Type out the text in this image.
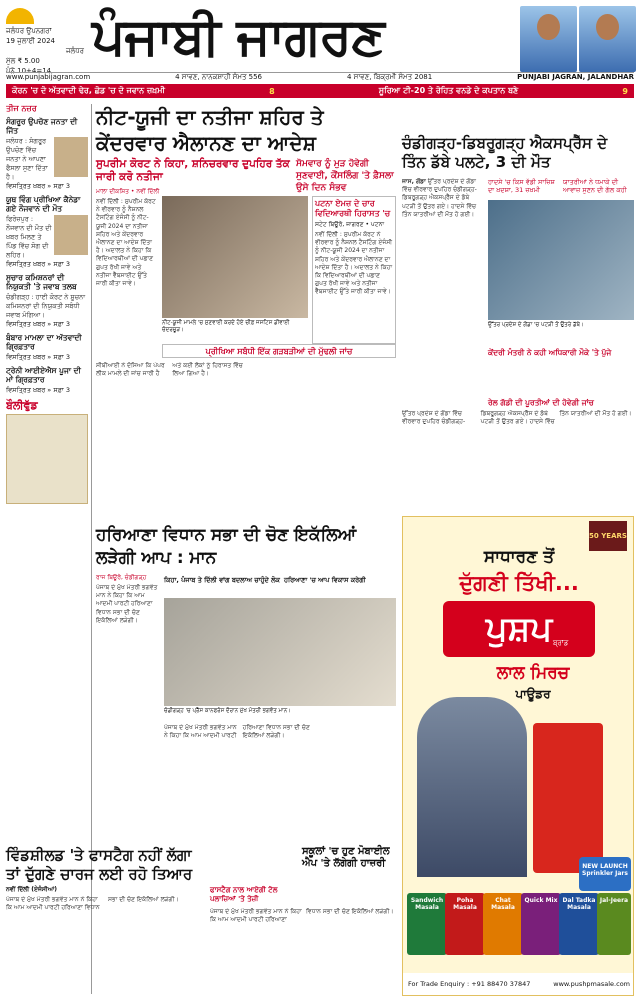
ਜਲੰਧਰ ਉਪਨਗਰਾਂ
19 ਜੁਲਾਈ 2024
ਜਲੰਧਰ
ਮੁੱਲ ₹ 5.00
ਪੰਨੇ 10+4=14
ਪੰਜਾਬੀ ਜਾਗਰਣ
www.punjabijagran.com	4 ਸਾਵਣ, ਨਾਨਕਸ਼ਾਹੀ ਸੰਮਤ 556	4 ਸਾਵਣ, ਬਿਕ੍ਰਮੀ ਸੰਮਤ 2081	PUNJABI JAGRAN, JALANDHAR
ਕੋਰਨ 'ਚ ਦੋ ਅੱਤਵਾਦੀ ਢੇਰ, ਛੋਡ 'ਚ ਦੋ ਜਵਾਨ ਜ਼ਖ਼ਮੀ	8	ਸੂਰਿਆ ਟੀ-20 ਤੇ ਰੋਹਿਤ ਵਨਡੇ ਦੇ ਕਪਤਾਨ ਬਣੇ	9
ਤੀਜ ਨਜ਼ਰ
ਸੰਗਰੂਰ ਉਪਚੋਣ ਜਨਤਾ ਦੀ ਜਿੱਤ
ਜਲੰਧਰ : ਸੰਗਰੂਰ ਉਪਚੋਣ ਵਿੱਚ ਜਨਤਾ ਨੇ ਆਪਣਾ ਫੈਸਲਾ ਸੁਣਾ ਦਿੱਤਾ ਹੈ।
ਵਿਸਤ੍ਰਿਤ ਖ਼ਬਰ » ਸਫ਼ਾ 3
ਯੂਥ ਵਿੰਗ ਪ੍ਰੀਖਿਆ ਕੈਨੇਡਾ ਗਏ ਨੌਜਵਾਨ ਦੀ ਮੌਤ
ਫਿਰੋਜ਼ਪੁਰ : ਨੌਜਵਾਨ ਦੀ ਮੌਤ ਦੀ ਖ਼ਬਰ ਮਿਲਣ ਤੇ ਪਿੰਡ ਵਿੱਚ ਸੋਗ ਦੀ ਲਹਿਰ।
ਵਿਸਤ੍ਰਿਤ ਖ਼ਬਰ » ਸਫ਼ਾ 3
ਸੁਚਾਰ ਕਮਿਸ਼ਨਰਾਂ ਦੀ ਨਿਯੁਕਤੀ 'ਤੇ ਜਵਾਬ ਤਲਬ
ਚੰਡੀਗੜ੍ਹ : ਹਾਈ ਕੋਰਟ ਨੇ ਸੂਚਨਾ ਕਮਿਸ਼ਨਰਾਂ ਦੀ ਨਿਯੁਕਤੀ ਸਬੰਧੀ ਜਵਾਬ ਮੰਗਿਆ।
ਵਿਸਤ੍ਰਿਤ ਖ਼ਬਰ » ਸਫ਼ਾ 3
ਬੰਬਾਰ ਮਾਮਲਾ ਦਾ ਅੱਤਵਾਦੀ ਗ੍ਰਿਫ਼ਤਾਰ
ਵਿਸਤ੍ਰਿਤ ਖ਼ਬਰ » ਸਫ਼ਾ 3
ਟ੍ਰੇਨੀ ਆਈਏਐਸ ਪੂਜਾ ਦੀ ਮਾਂ ਗ੍ਰਿਫ਼ਤਾਰ
ਵਿਸਤ੍ਰਿਤ ਖ਼ਬਰ » ਸਫ਼ਾ 3
ਬੌਲੀਵੁੱਡ
ਨੀਟ-ਯੂਜੀ ਦਾ ਨਤੀਜਾ ਸ਼ਹਿਰ ਤੇ ਕੇਂਦਰਵਾਰ ਐਲਾਨਣ ਦਾ ਆਦੇਸ਼
ਸੁਪਰੀਮ ਕੋਰਟ ਨੇ ਕਿਹਾ, ਸ਼ਨਿਚਰਵਾਰ ਦੁਪਹਿਰ ਤੱਕ ਜਾਰੀ ਕਰੋ ਨਤੀਜਾ
ਸੋਮਵਾਰ ਨੂੰ ਮੁੜ ਹੋਵੇਗੀ ਸੁਣਵਾਈ, ਕੌਂਸਲਿੰਗ 'ਤੇ ਫ਼ੈਸਲਾ ਉਸੇ ਦਿਨ ਸੰਭਵ
ਮਾਲਾ ਦੀਕਸ਼ਿਤ • ਨਵੀਂ ਦਿੱਲੀ
ਨਵੀਂ ਦਿੱਲੀ : ਸੁਪਰੀਮ ਕੋਰਟ ਨੇ ਵੀਰਵਾਰ ਨੂੰ ਨੈਸ਼ਨਲ ਟੈਸਟਿੰਗ ਏਜੰਸੀ ਨੂੰ ਨੀਟ-ਯੂਜੀ 2024 ਦਾ ਨਤੀਜਾ ਸ਼ਹਿਰ ਅਤੇ ਕੇਂਦਰਵਾਰ ਐਲਾਨਣ ਦਾ ਆਦੇਸ਼ ਦਿੱਤਾ ਹੈ। ਅਦਾਲਤ ਨੇ ਕਿਹਾ ਕਿ ਵਿਦਿਆਰਥੀਆਂ ਦੀ ਪਛਾਣ ਗੁਪਤ ਰੱਖੀ ਜਾਵੇ ਅਤੇ ਨਤੀਜਾ ਵੈੱਬਸਾਈਟ ਉੱਤੇ ਜਾਰੀ ਕੀਤਾ ਜਾਵੇ।
ਨੀਟ-ਯੂਜੀ ਮਾਮਲੇ 'ਚ ਸੁਣਵਾਈ ਕਰਦੇ ਹੋਏ ਚੀਫ਼ ਜਸਟਿਸ ਡੀਵਾਈ ਚੰਦਰਚੂੜ।
ਪਟਨਾ ਏਮਜ਼ ਦੇ ਚਾਰ ਵਿਦਿਆਰਥੀ ਹਿਰਾਸਤ 'ਚ
ਸਟੇਟ ਬਿਊਰੋ, ਜਾਗਰਣ • ਪਟਨਾ
ਨਵੀਂ ਦਿੱਲੀ : ਸੁਪਰੀਮ ਕੋਰਟ ਨੇ ਵੀਰਵਾਰ ਨੂੰ ਨੈਸ਼ਨਲ ਟੈਸਟਿੰਗ ਏਜੰਸੀ ਨੂੰ ਨੀਟ-ਯੂਜੀ 2024 ਦਾ ਨਤੀਜਾ ਸ਼ਹਿਰ ਅਤੇ ਕੇਂਦਰਵਾਰ ਐਲਾਨਣ ਦਾ ਆਦੇਸ਼ ਦਿੱਤਾ ਹੈ। ਅਦਾਲਤ ਨੇ ਕਿਹਾ ਕਿ ਵਿਦਿਆਰਥੀਆਂ ਦੀ ਪਛਾਣ ਗੁਪਤ ਰੱਖੀ ਜਾਵੇ ਅਤੇ ਨਤੀਜਾ ਵੈੱਬਸਾਈਟ ਉੱਤੇ ਜਾਰੀ ਕੀਤਾ ਜਾਵੇ।
ਪ੍ਰੀਖਿਆ ਸਬੰਧੀ ਇੱਕ ਗੜਬੜੀਆਂ ਦੀ ਮੁੱਢਲੀ ਜਾਂਚ
ਸੀਬੀਆਈ ਨੇ ਦੱਸਿਆ ਕਿ ਪੇਪਰ ਲੀਕ ਮਾਮਲੇ ਦੀ ਜਾਂਚ ਜਾਰੀ ਹੈ ਅਤੇ ਕਈ ਲੋਕਾਂ ਨੂੰ ਹਿਰਾਸਤ ਵਿੱਚ ਲਿਆ ਗਿਆ ਹੈ।
ਚੰਡੀਗੜ੍ਹ-ਡਿਬਰੂਗੜ੍ਹ ਐਕਸਪ੍ਰੈੱਸ ਦੇ ਤਿੰਨ ਡੱਬੇ ਪਲਟੇ, 3 ਦੀ ਮੌਤ
ਜਾਸ, ਗੋਂਡਾ ਉੱਤਰ ਪ੍ਰਦੇਸ਼ ਦੇ ਗੋਂਡਾ ਵਿੱਚ ਵੀਰਵਾਰ ਦੁਪਹਿਰ ਚੰਡੀਗੜ੍ਹ-ਡਿਬਰੂਗੜ੍ਹ ਐਕਸਪ੍ਰੈੱਸ ਦੇ ਡੱਬੇ ਪਟੜੀ ਤੋਂ ਉਤਰ ਗਏ। ਹਾਦਸੇ ਵਿੱਚ ਤਿੰਨ ਯਾਤਰੀਆਂ ਦੀ ਮੌਤ ਹੋ ਗਈ।
ਹਾਦਸੇ 'ਚ ਕਿਸ ਵੱਡੀ ਸਾਜ਼ਿਸ਼ ਦਾ ਖ਼ਦਸ਼ਾ, 31 ਜ਼ਖ਼ਮੀ
ਯਾਤਰੀਆਂ ਨੇ ਧਮਾਕੇ ਦੀ ਆਵਾਜ਼ ਸੁਣਨ ਦੀ ਗੱਲ ਕਹੀ
ਉੱਤਰ ਪ੍ਰਦੇਸ਼ ਦੇ ਗੋਂਡਾ 'ਚ ਪਟੜੀ ਤੋਂ ਉਤਰੇ ਡੱਬੇ।
ਕੇਂਦਰੀ ਮੰਤਰੀ ਨੇ ਕਹੀ ਅਧਿਕਾਰੀ ਮੌਕੇ 'ਤੇ ਪੁੱਜੇ
ਰੇਲ ਗੱਡੀ ਦੀ ਪੂਰਤੀਆਂ ਦੀ ਹੋਵੇਗੀ ਜਾਂਚ
ਉੱਤਰ ਪ੍ਰਦੇਸ਼ ਦੇ ਗੋਂਡਾ ਵਿੱਚ ਵੀਰਵਾਰ ਦੁਪਹਿਰ ਚੰਡੀਗੜ੍ਹ-ਡਿਬਰੂਗੜ੍ਹ ਐਕਸਪ੍ਰੈੱਸ ਦੇ ਡੱਬੇ ਪਟੜੀ ਤੋਂ ਉਤਰ ਗਏ। ਹਾਦਸੇ ਵਿੱਚ ਤਿੰਨ ਯਾਤਰੀਆਂ ਦੀ ਮੌਤ ਹੋ ਗਈ।
ਹਰਿਆਣਾ ਵਿਧਾਨ ਸਭਾ ਦੀ ਚੋਣ ਇਕੱਲਿਆਂ ਲੜੇਗੀ ਆਪ : ਮਾਨ
ਰਾਜ ਬਿਊਰੋ, ਚੰਡੀਗੜ੍ਹ
ਪੰਜਾਬ ਦੇ ਮੁੱਖ ਮੰਤਰੀ ਭਗਵੰਤ ਮਾਨ ਨੇ ਕਿਹਾ ਕਿ ਆਮ ਆਦਮੀ ਪਾਰਟੀ ਹਰਿਆਣਾ ਵਿਧਾਨ ਸਭਾ ਦੀ ਚੋਣ ਇਕੱਲਿਆਂ ਲੜੇਗੀ।
ਕਿਹਾ, ਪੰਜਾਬ ਤੇ ਦਿੱਲੀ ਵਾਂਗ ਬਦਲਾਅ ਚਾਹੁੰਦੇ ਲੋਕ ਹਰਿਆਣਾ 'ਚ ਆਪ ਵਿਕਾਸ ਕਰੇਗੀ
ਚੰਡੀਗੜ੍ਹ 'ਚ ਪ੍ਰੈੱਸ ਕਾਨਫਰੰਸ ਦੌਰਾਨ ਮੁੱਖ ਮੰਤਰੀ ਭਗਵੰਤ ਮਾਨ।
ਪੰਜਾਬ ਦੇ ਮੁੱਖ ਮੰਤਰੀ ਭਗਵੰਤ ਮਾਨ ਨੇ ਕਿਹਾ ਕਿ ਆਮ ਆਦਮੀ ਪਾਰਟੀ ਹਰਿਆਣਾ ਵਿਧਾਨ ਸਭਾ ਦੀ ਚੋਣ ਇਕੱਲਿਆਂ ਲੜੇਗੀ।
ਵਿੰਡਸ਼ੀਲਡ 'ਤੇ ਫਾਸਟੈਗ ਨਹੀਂ ਲੱਗਾ ਤਾਂ ਦੁੱਗਣੇ ਚਾਰਜ ਲਈ ਰਹੋ ਤਿਆਰ
ਨਵੀਂ ਦਿੱਲੀ (ਏਜੰਸੀਆਂ)
ਪੰਜਾਬ ਦੇ ਮੁੱਖ ਮੰਤਰੀ ਭਗਵੰਤ ਮਾਨ ਨੇ ਕਿਹਾ ਕਿ ਆਮ ਆਦਮੀ ਪਾਰਟੀ ਹਰਿਆਣਾ ਵਿਧਾਨ ਸਭਾ ਦੀ ਚੋਣ ਇਕੱਲਿਆਂ ਲੜੇਗੀ।
ਸਕੂਲਾਂ 'ਚ ਹੁਣ ਮੋਬਾਈਲ ਐਪ 'ਤੇ ਲੱਗੇਗੀ ਹਾਜ਼ਰੀ
ਫਾਸਟੈਗ ਨਾਲ ਆਏਗੀ ਟੋਲ ਪਲਾਜ਼ਿਆਂ 'ਤੇ ਤੇਜ਼ੀ
ਪੰਜਾਬ ਦੇ ਮੁੱਖ ਮੰਤਰੀ ਭਗਵੰਤ ਮਾਨ ਨੇ ਕਿਹਾ ਕਿ ਆਮ ਆਦਮੀ ਪਾਰਟੀ ਹਰਿਆਣਾ ਵਿਧਾਨ ਸਭਾ ਦੀ ਚੋਣ ਇਕੱਲਿਆਂ ਲੜੇਗੀ।
50 YEARS
ਸਾਧਾਰਣ ਤੋਂ
ਦੁੱਗਣੀ ਤਿੱਖੀ...
ਪੁਸ਼ਪ ਬ੍ਰਾਂਡ
ਲਾਲ ਮਿਰਚ
ਪਾਊਡਰ
NEW LAUNCH Sprinkler Jars
Sandwich Masala
Poha Masala
Chat Masala
Quick Mix Dal Tadka Masala
Jal-Jeera
For Trade Enquiry : +91 88470 37847	www.pushpmasale.com
